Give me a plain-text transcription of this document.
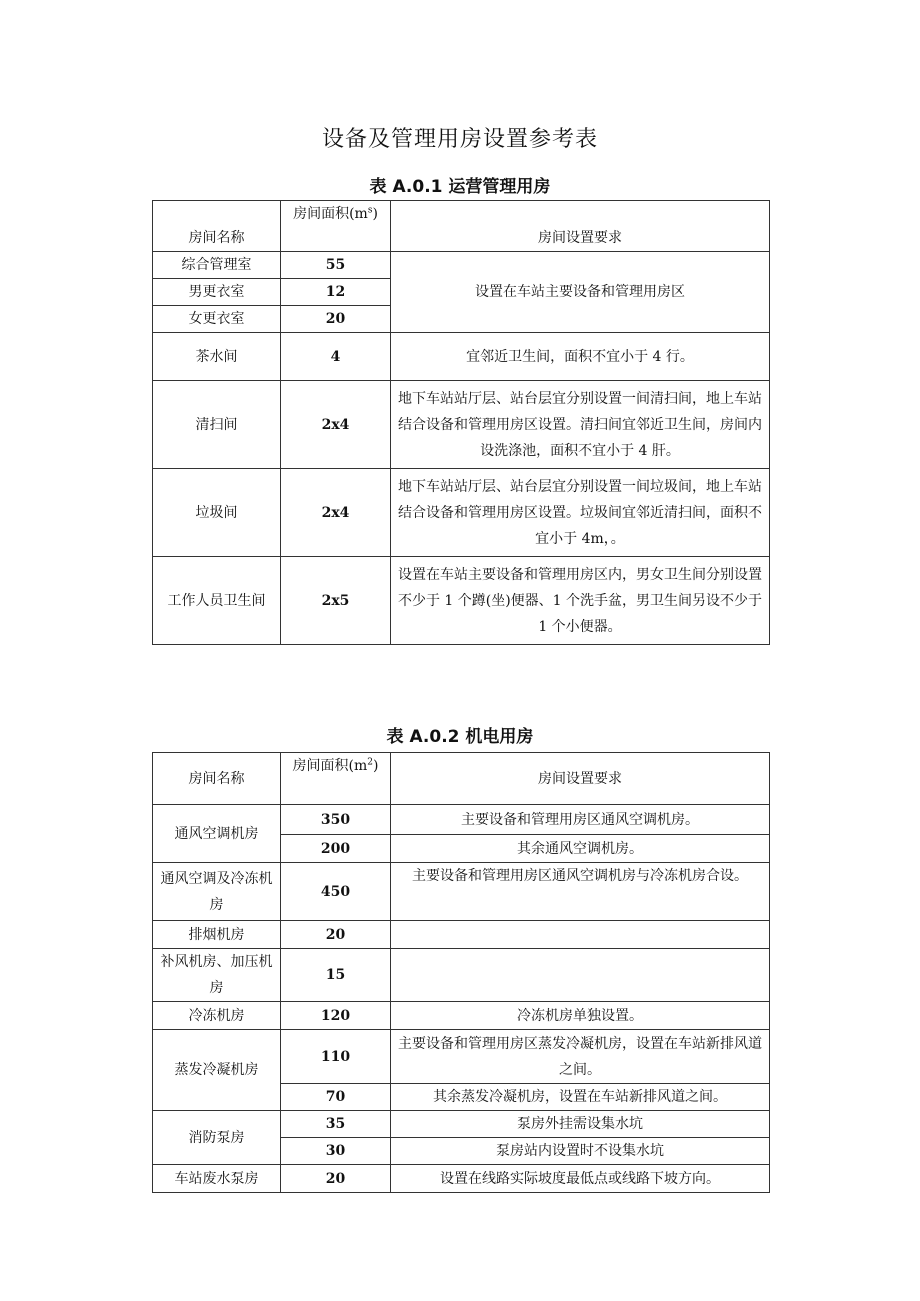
设备及管理用房设置参考表
表 A.0.1 运营管理用房
房间名称	房间面积$(m^s)$	房间设置要求
综合管理室	55	设置在车站主要设备和管理用房区
男更衣室	12	
女更衣室	20	
茶水间	4	宜邻近卫生间，面积不宜小于 4 行。
清扫间	2x4	地下车站站厅层、站台层宜分别设置一间清扫间，地上车站结合设备和管理用房区设置。清扫间宜邻近卫生间，房间内设洗涤池，面积不宜小于 4 肝。
垃圾间	2x4	地下车站站厅层、站台层宜分别设置一间垃圾间，地上车站结合设备和管理用房区设置。垃圾间宜邻近清扫间，面积不宜小于 4m，。
工作人员卫生间	2x5	设置在车站主要设备和管理用房区内，男女卫生间分别设置不少于 1 个蹲(坐)便器、1 个洗手盆，男卫生间另设不少于 1 个小便器。
表 A.0.2 机电用房
房间名称	房间面积$(m^2)$	房间设置要求
通风空调机房	350	主要设备和管理用房区通风空调机房。
	200	其余通风空调机房。
通风空调及冷冻机房	450	主要设备和管理用房区通风空调机房与冷冻机房合设。
排烟机房	20	
补风机房、加压机房	15	
冷冻机房	120	冷冻机房单独设置。
蒸发冷凝机房	110	主要设备和管理用房区蒸发冷凝机房，设置在车站新排风道之间。
	70	其余蒸发冷凝机房，设置在车站新排风道之间。
消防泵房	35	泵房外挂需设集水坑
	30	泵房站内设置时不设集水坑
车站废水泵房	20	设置在线路实际坡度最低点或线路下坡方向。
